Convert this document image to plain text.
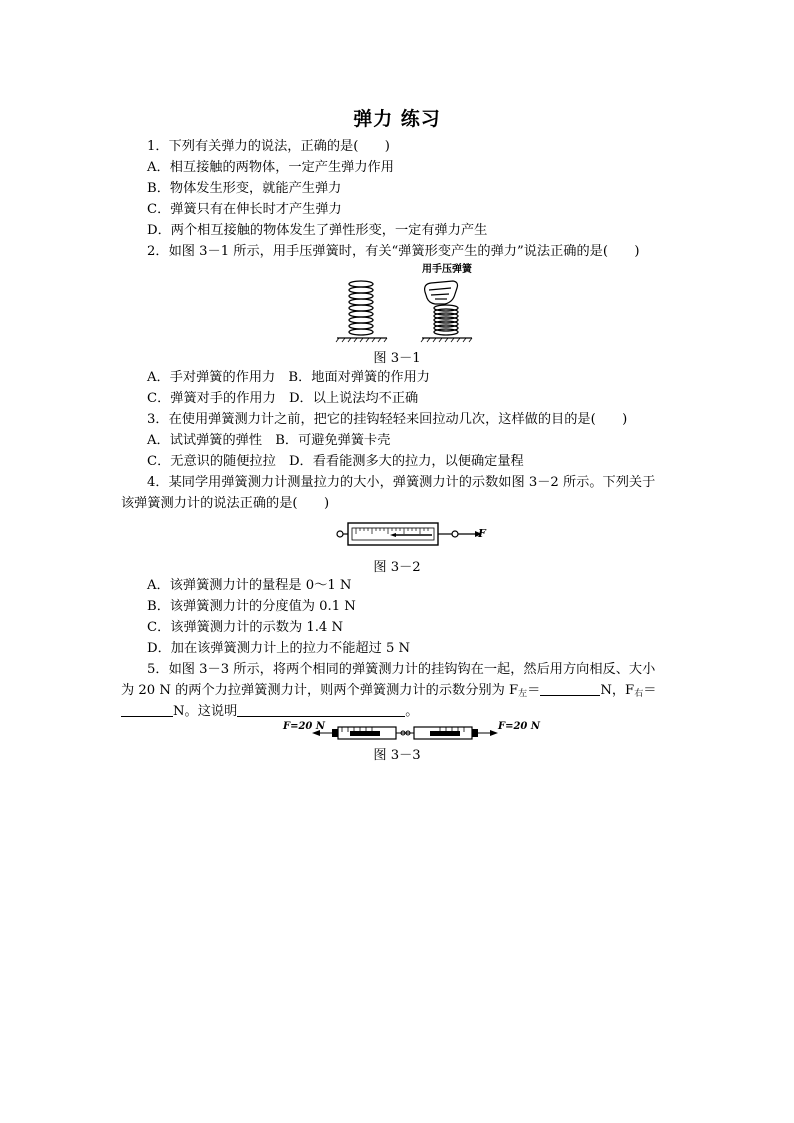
弹力 练习
1．下列有关弹力的说法，正确的是(　　)
A．相互接触的两物体，一定产生弹力作用
B．物体发生形变，就能产生弹力
C．弹簧只有在伸长时才产生弹力
D．两个相互接触的物体发生了弹性形变，一定有弹力产生
2．如图 3－1 所示，用手压弹簧时，有关“弹簧形变产生的弹力”说法正确的是(　　)
用手压弹簧
图 3－1
A．手对弹簧的作用力　B．地面对弹簧的作用力
C．弹簧对手的作用力　D．以上说法均不正确
3．在使用弹簧测力计之前，把它的挂钩轻轻来回拉动几次，这样做的目的是(　　)
A．试试弹簧的弹性　B．可避免弹簧卡壳
C．无意识的随便拉拉　D．看看能测多大的拉力，以便确定量程
4．某同学用弹簧测力计测量拉力的大小，弹簧测力计的示数如图 3－2 所示。下列关于
该弹簧测力计的说法正确的是(　　)
F
图 3－2
A．该弹簧测力计的量程是 0～1 N
B．该弹簧测力计的分度值为 0.1 N
C．该弹簧测力计的示数为 1.4 N
D．加在该弹簧测力计上的拉力不能超过 5 N
5．如图 3－3 所示，将两个相同的弹簧测力计的挂钩钩在一起，然后用方向相反、大小
为 20 N 的两个力拉弹簧测力计，则两个弹簧测力计的示数分别为 $F_左=$	N，$F_右=$
N。这说明	。
F=20 N	F=20 N
图 3－3
